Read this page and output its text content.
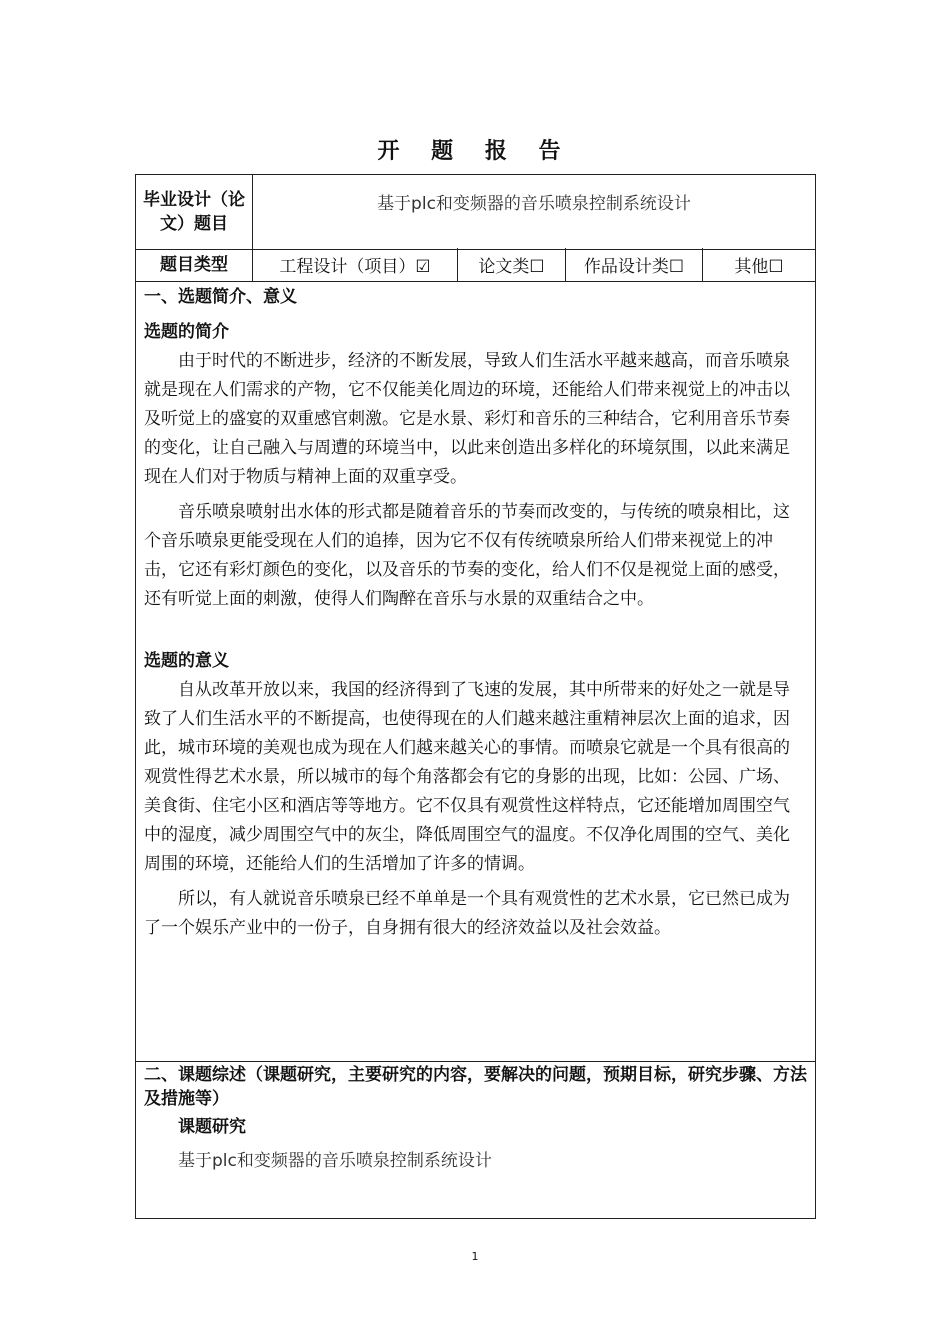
开 题 报 告
毕业设计（论文）题目
基于plc和变频器的音乐喷泉控制系统设计
题目类型	工程设计（项目）☑	论文类☐	作品设计类☐	其他☐
一、选题简介、意义
选题的简介

由于时代的不断进步，经济的不断发展，导致人们生活水平越来越高，而音乐喷泉就是现在人们需求的产物，它不仅能美化周边的环境，还能给人们带来视觉上的冲击以及听觉上的盛宴的双重感官刺激。它是水景、彩灯和音乐的三种结合，它利用音乐节奏的变化，让自己融入与周遭的环境当中，以此来创造出多样化的环境氛围，以此来满足现在人们对于物质与精神上面的双重享受。

音乐喷泉喷射出水体的形式都是随着音乐的节奏而改变的，与传统的喷泉相比，这个音乐喷泉更能受现在人们的追捧，因为它不仅有传统喷泉所给人们带来视觉上的冲击，它还有彩灯颜色的变化，以及音乐的节奏的变化，给人们不仅是视觉上面的感受，还有听觉上面的刺激，使得人们陶醉在音乐与水景的双重结合之中。

选题的意义

自从改革开放以来，我国的经济得到了飞速的发展，其中所带来的好处之一就是导致了人们生活水平的不断提高，也使得现在的人们越来越注重精神层次上面的追求，因此，城市环境的美观也成为现在人们越来越关心的事情。而喷泉它就是一个具有很高的观赏性得艺术水景，所以城市的每个角落都会有它的身影的出现，比如：公园、广场、美食街、住宅小区和酒店等等地方。它不仅具有观赏性这样特点，它还能增加周围空气中的湿度，减少周围空气中的灰尘，降低周围空气的温度。不仅净化周围的空气、美化周围的环境，还能给人们的生活增加了许多的情调。

所以，有人就说音乐喷泉已经不单单是一个具有观赏性的艺术水景，它已然已成为了一个娱乐产业中的一份子，自身拥有很大的经济效益以及社会效益。

二、课题综述（课题研究，主要研究的内容，要解决的问题，预期目标，研究步骤、方法及措施等）
课题研究
基于plc和变频器的音乐喷泉控制系统设计
1
